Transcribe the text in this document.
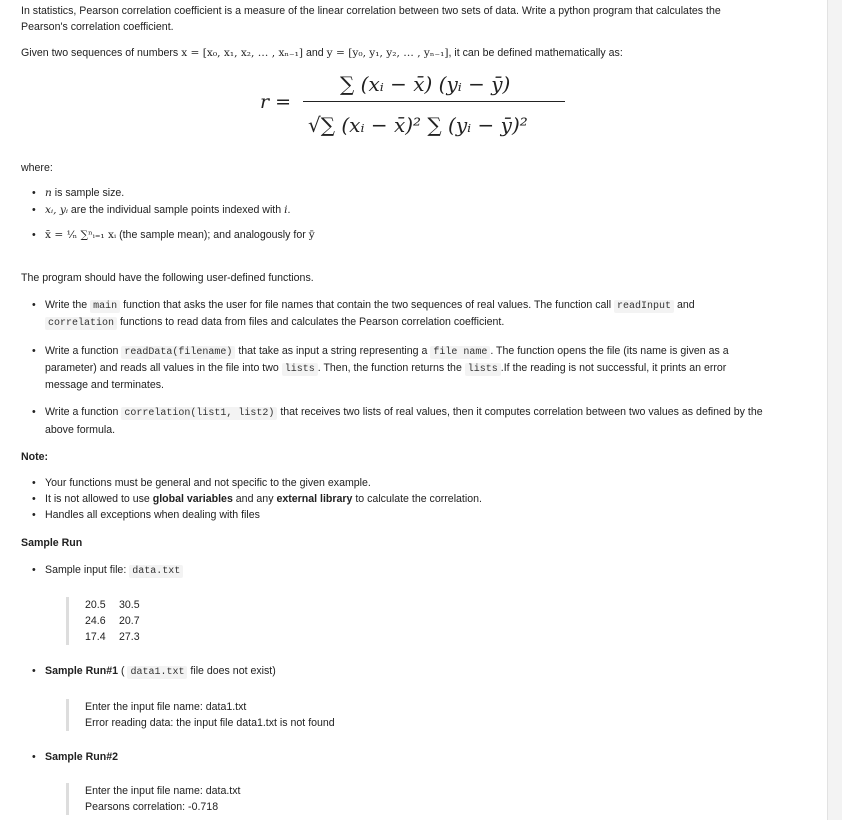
In statistics, Pearson correlation coefficient is a measure of the linear correlation between two sets of data. Write a python program that calculates the
Pearson's correlation coefficient.
Given two sequences of numbers x = [x₀, x₁, x₂, … , xₙ₋₁] and y = [y₀, y₁, y₂, … , yₙ₋₁], it can be defined mathematically as:
r =
∑ (xᵢ − x̄) (yᵢ − ȳ)
√∑ (xᵢ − x̄)² ∑ (yᵢ − ȳ)²
where:
• n is sample size.
• xᵢ, yᵢ are the individual sample points indexed with i.
• x̄ = ¹⁄ₙ ∑ⁿᵢ₌₁ xᵢ (the sample mean); and analogously for ȳ
The program should have the following user-defined functions.
• Write the main function that asks the user for file names that contain the two sequences of real values. The function call readInput and
correlation functions to read data from files and calculates the Pearson correlation coefficient.
• Write a function readData(filename) that take as input a string representing a file name . The function opens the file (its name is given as a
parameter) and reads all values in the file into two lists . Then, the function returns the lists .If the reading is not successful, it prints an error
message and terminates.
• Write a function correlation(list1, list2) that receives two lists of real values, then it computes correlation between two values as defined by the
above formula.
Note:
• Your functions must be general and not specific to the given example.
• It is not allowed to use global variables and any external library to calculate the correlation.
• Handles all exceptions when dealing with files
Sample Run
• Sample input file: data.txt
20.5 30.5
24.6 20.7
17.4 27.3
• Sample Run#1 ( data1.txt file does not exist)
Enter the input file name: data1.txt
Error reading data: the input file data1.txt is not found
• Sample Run#2
Enter the input file name: data.txt
Pearsons correlation: -0.718
